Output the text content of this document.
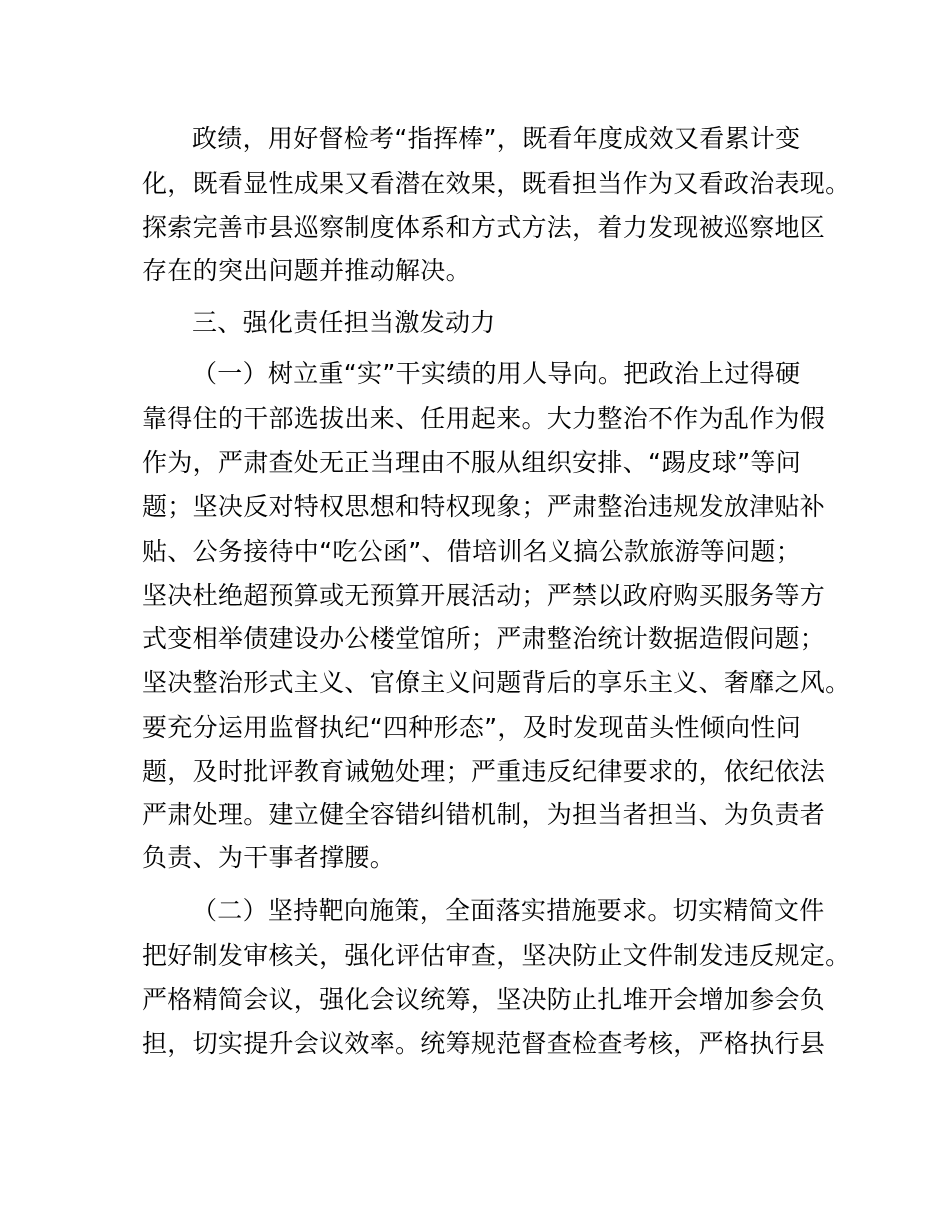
政绩，用好督检考“指挥棒”，既看年度成效又看累计变
化，既看显性成果又看潜在效果，既看担当作为又看政治表现。
探索完善市县巡察制度体系和方式方法，着力发现被巡察地区
存在的突出问题并推动解决。
三、强化责任担当激发动力
（一）树立重“实”干实绩的用人导向。把政治上过得硬
靠得住的干部选拔出来、任用起来。大力整治不作为乱作为假
作为，严肃查处无正当理由不服从组织安排、“踢皮球”等问
题；坚决反对特权思想和特权现象；严肃整治违规发放津贴补
贴、公务接待中“吃公函”、借培训名义搞公款旅游等问题；
坚决杜绝超预算或无预算开展活动；严禁以政府购买服务等方
式变相举债建设办公楼堂馆所；严肃整治统计数据造假问题；
坚决整治形式主义、官僚主义问题背后的享乐主义、奢靡之风。
要充分运用监督执纪“四种形态”，及时发现苗头性倾向性问
题，及时批评教育诫勉处理；严重违反纪律要求的，依纪依法
严肃处理。建立健全容错纠错机制，为担当者担当、为负责者
负责、为干事者撑腰。
（二）坚持靶向施策，全面落实措施要求。切实精简文件
把好制发审核关，强化评估审查，坚决防止文件制发违反规定。
严格精简会议，强化会议统筹，坚决防止扎堆开会增加参会负
担，切实提升会议效率。统筹规范督查检查考核，严格执行县
